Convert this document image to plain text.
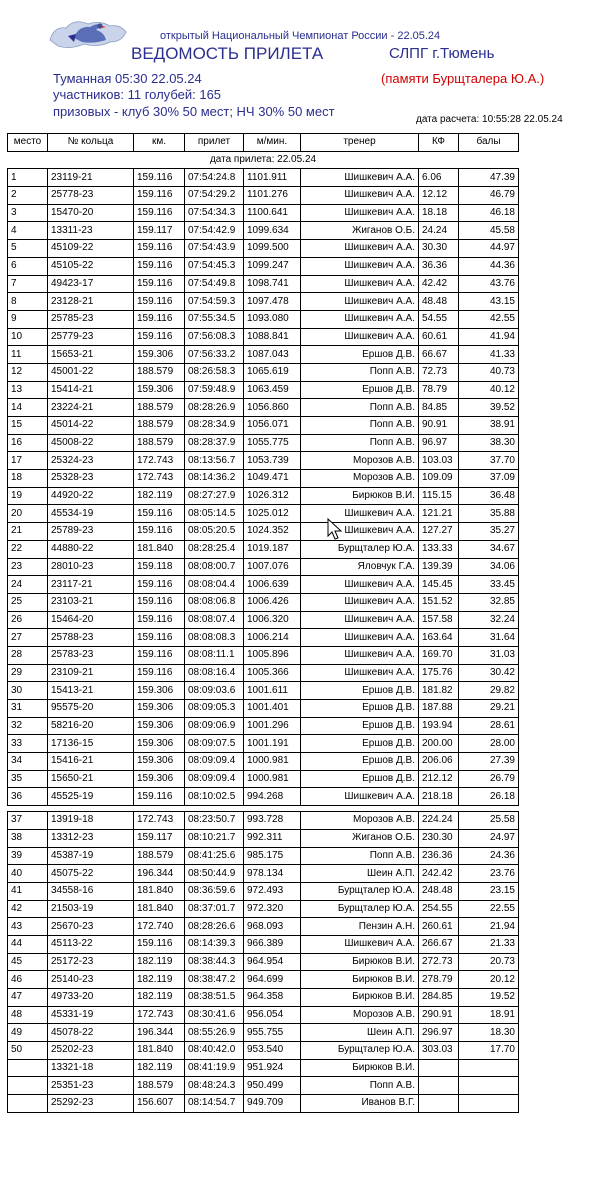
открытый Национальный Чемпионат России - 22.05.24
ВЕДОМОСТЬ ПРИЛЕТА	СЛПГ г.Тюмень
Туманная 05:30 22.05.24	(памяти Бурщталера Ю.А.)
участников: 11 голубей: 165
призовых - клуб 30% 50 мест; НЧ 30% 50 мест
дата расчета: 10:55:28 22.05.24
место	№ кольца	км.	прилет	м/мин.	тренер	КФ	балы
дата прилета: 22.05.24							
1	23119-21	159.116	07:54:24.8	1101.911	Шишкевич А.А.	6.06	47.39
2	25778-23	159.116	07:54:29.2	1101.276	Шишкевич А.А.	12.12	46.79
3	15470-20	159.116	07:54:34.3	1100.641	Шишкевич А.А.	18.18	46.18
4	13311-23	159.117	07:54:42.9	1099.634	Жиганов О.Б.	24.24	45.58
5	45109-22	159.116	07:54:43.9	1099.500	Шишкевич А.А.	30.30	44.97
6	45105-22	159.116	07:54:45.3	1099.247	Шишкевич А.А.	36.36	44.36
7	49423-17	159.116	07:54:49.8	1098.741	Шишкевич А.А.	42.42	43.76
8	23128-21	159.116	07:54:59.3	1097.478	Шишкевич А.А.	48.48	43.15
9	25785-23	159.116	07:55:34.5	1093.080	Шишкевич А.А.	54.55	42.55
10	25779-23	159.116	07:56:08.3	1088.841	Шишкевич А.А.	60.61	41.94
11	15653-21	159.306	07:56:33.2	1087.043	Ершов Д.В.	66.67	41.33
12	45001-22	188.579	08:26:58.3	1065.619	Попп А.В.	72.73	40.73
13	15414-21	159.306	07:59:48.9	1063.459	Ершов Д.В.	78.79	40.12
14	23224-21	188.579	08:28:26.9	1056.860	Попп А.В.	84.85	39.52
15	45014-22	188.579	08:28:34.9	1056.071	Попп А.В.	90.91	38.91
16	45008-22	188.579	08:28:37.9	1055.775	Попп А.В.	96.97	38.30
17	25324-23	172.743	08:13:56.7	1053.739	Морозов А.В.	103.03	37.70
18	25328-23	172.743	08:14:36.2	1049.471	Морозов А.В.	109.09	37.09
19	44920-22	182.119	08:27:27.9	1026.312	Бирюков В.И.	115.15	36.48
20	45534-19	159.116	08:05:14.5	1025.012	Шишкевич А.А.	121.21	35.88
21	25789-23	159.116	08:05:20.5	1024.352	Шишкевич А.А.	127.27	35.27
22	44880-22	181.840	08:28:25.4	1019.187	Бурщталер Ю.А.	133.33	34.67
23	28010-23	159.118	08:08:00.7	1007.076	Яловчук Г.А.	139.39	34.06
24	23117-21	159.116	08:08:04.4	1006.639	Шишкевич А.А.	145.45	33.45
25	23103-21	159.116	08:08:06.8	1006.426	Шишкевич А.А.	151.52	32.85
26	15464-20	159.116	08:08:07.4	1006.320	Шишкевич А.А.	157.58	32.24
27	25788-23	159.116	08:08:08.3	1006.214	Шишкевич А.А.	163.64	31.64
28	25783-23	159.116	08:08:11.1	1005.896	Шишкевич А.А.	169.70	31.03
29	23109-21	159.116	08:08:16.4	1005.366	Шишкевич А.А.	175.76	30.42
30	15413-21	159.306	08:09:03.6	1001.611	Ершов Д.В.	181.82	29.82
31	95575-20	159.306	08:09:05.3	1001.401	Ершов Д.В.	187.88	29.21
32	58216-20	159.306	08:09:06.9	1001.296	Ершов Д.В.	193.94	28.61
33	17136-15	159.306	08:09:07.5	1001.191	Ершов Д.В.	200.00	28.00
34	15416-21	159.306	08:09:09.4	1000.981	Ершов Д.В.	206.06	27.39
35	15650-21	159.306	08:09:09.4	1000.981	Ершов Д.В.	212.12	26.79
36	45525-19	159.116	08:10:02.5	994.268	Шишкевич А.А.	218.18	26.18

37	13919-18	172.743	08:23:50.7	993.728	Морозов А.В.	224.24	25.58
38	13312-23	159.117	08:10:21.7	992.311	Жиганов О.Б.	230.30	24.97
39	45387-19	188.579	08:41:25.6	985.175	Попп А.В.	236.36	24.36
40	45075-22	196.344	08:50:44.9	978.134	Шеин А.П.	242.42	23.76
41	34558-16	181.840	08:36:59.6	972.493	Бурщталер Ю.А.	248.48	23.15
42	21503-19	181.840	08:37:01.7	972.320	Бурщталер Ю.А.	254.55	22.55
43	25670-23	172.740	08:28:26.6	968.093	Пензин А.Н.	260.61	21.94
44	45113-22	159.116	08:14:39.3	966.389	Шишкевич А.А.	266.67	21.33
45	25172-23	182.119	08:38:44.3	964.954	Бирюков В.И.	272.73	20.73
46	25140-23	182.119	08:38:47.2	964.699	Бирюков В.И.	278.79	20.12
47	49733-20	182.119	08:38:51.5	964.358	Бирюков В.И.	284.85	19.52
48	45331-19	172.743	08:30:41.6	956.054	Морозов А.В.	290.91	18.91
49	45078-22	196.344	08:55:26.9	955.755	Шеин А.П.	296.97	18.30
50	25202-23	181.840	08:40:42.0	953.540	Бурщталер Ю.А.	303.03	17.70
	13321-18	182.119	08:41:19.9	951.924	Бирюков В.И.		
	25351-23	188.579	08:48:24.3	950.499	Попп А.В.		
	25292-23	156.607	08:14:54.7	949.709	Иванов В.Г.		
